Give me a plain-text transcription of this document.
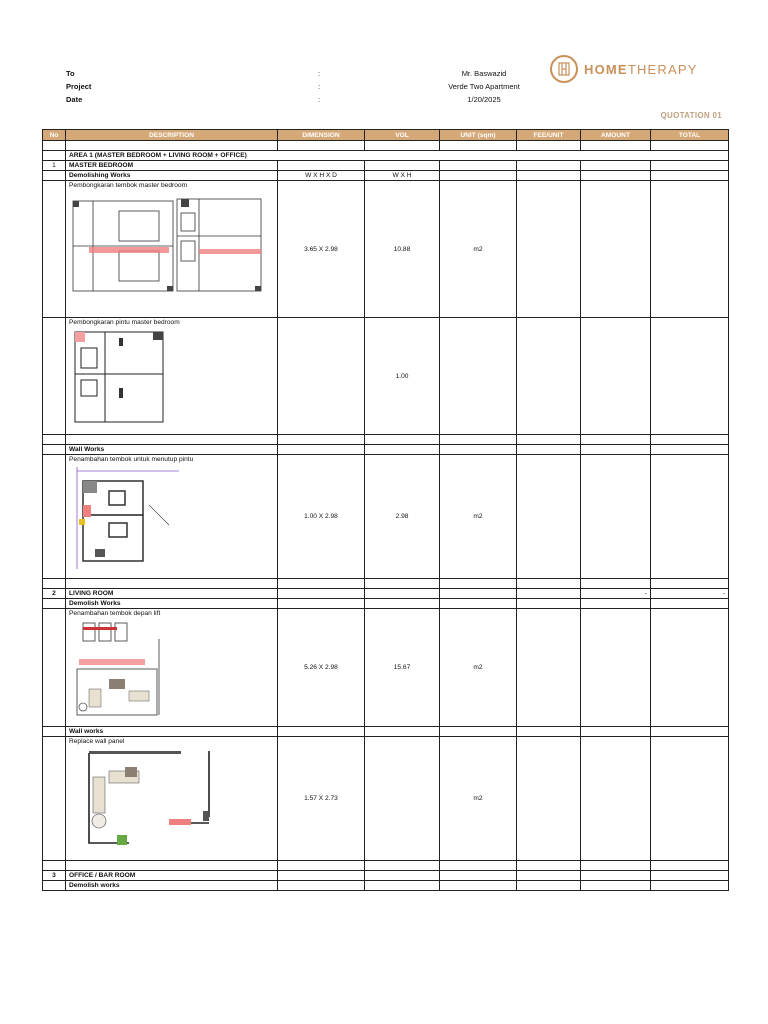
To
Project
Date
:
:
:
Mr. Baswazid
Verde Two Apartment
1/20/2025
HOMETHERAPY
QUOTATION 01
No	DESCRIPTION	DIMENSION	VOL	UNIT (sqm)	FEE/UNIT	AMOUNT	TOTAL

	AREA 1 (MASTER BEDROOM + LIVING ROOM + OFFICE)						
1	MASTER BEDROOM						
	Demolishing Works	W X H X D	W X H				

	Pembongkaran tembok master bedroom	3.65 X 2.98	10.88	m2			

	Pembongkaran pintu master bedroom		1.00				

	Wall Works						

	Penambahan tembok untuk menutup pintu	1.00 X 2.98	2.98	m2			

2	LIVING ROOM					-	-
	Demolish Works						

	Penambahan tembok depan lift	5.26 X 2.98	15.67	m2			
	Wall works						

	Replace wall panel	1.57 X 2.73		m2			

3	OFFICE / BAR ROOM						
	Demolish works						
